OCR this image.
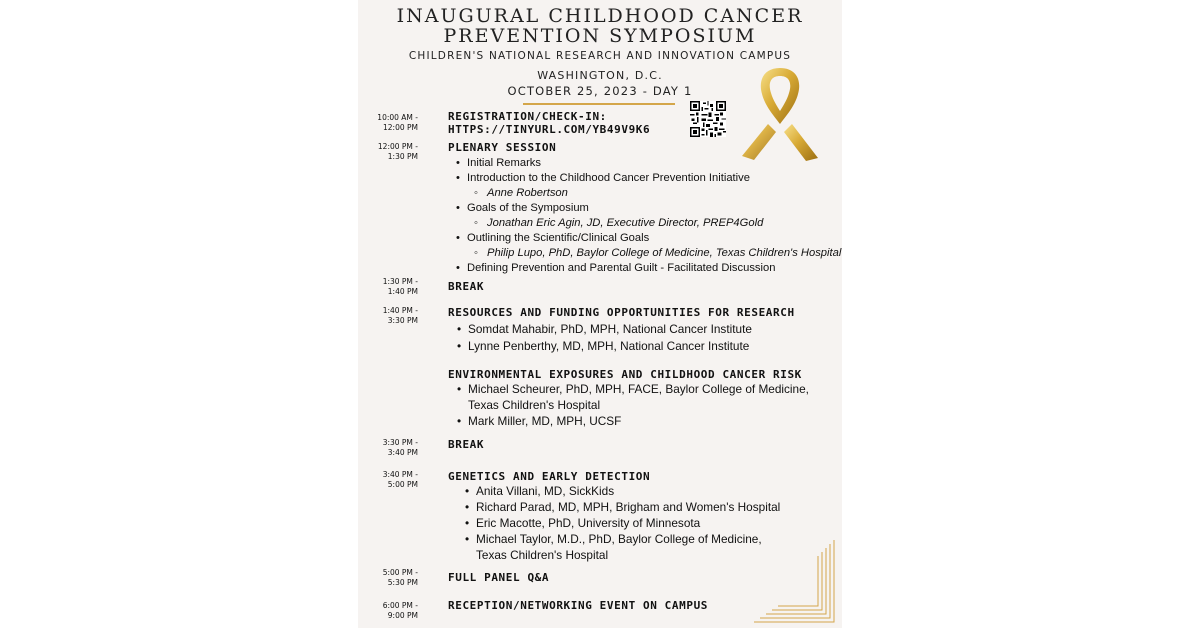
INAUGURAL CHILDHOOD CANCER
PREVENTION SYMPOSIUM
CHILDREN'S NATIONAL RESEARCH AND INNOVATION CAMPUS
WASHINGTON, D.C.
OCTOBER 25, 2023 - DAY 1
10:00 AM -
12:00 PM
REGISTRATION/CHECK-IN:
HTTPS://TINYURL.COM/YB49V9K6
12:00 PM -
1:30 PM
PLENARY SESSION
• Initial Remarks
• Introduction to the Childhood Cancer Prevention Initiative
◦ Anne Robertson
• Goals of the Symposium
◦ Jonathan Eric Agin, JD, Executive Director, PREP4Gold
• Outlining the Scientific/Clinical Goals
◦ Philip Lupo, PhD, Baylor College of Medicine, Texas Children's Hospital
• Defining Prevention and Parental Guilt - Facilitated Discussion
1:30 PM -
1:40 PM	BREAK
1:40 PM -
3:30 PM
RESOURCES AND FUNDING OPPORTUNITIES FOR RESEARCH
• Somdat Mahabir, PhD, MPH, National Cancer Institute
• Lynne Penberthy, MD, MPH, National Cancer Institute
ENVIRONMENTAL EXPOSURES AND CHILDHOOD CANCER RISK
• Michael Scheurer, PhD, MPH, FACE, Baylor College of Medicine,
Texas Children's Hospital
• Mark Miller, MD, MPH, UCSF
3:30 PM -
3:40 PM
BREAK
3:40 PM -
5:00 PM
GENETICS AND EARLY DETECTION
• Anita Villani, MD, SickKids
• Richard Parad, MD, MPH, Brigham and Women's Hospital
• Eric Macotte, PhD, University of Minnesota
• Michael Taylor, M.D., PhD, Baylor College of Medicine,
Texas Children's Hospital
5:00 PM -
5:30 PM	FULL PANEL Q&A
6:00 PM -
9:00 PM
RECEPTION/NETWORKING EVENT ON CAMPUS
